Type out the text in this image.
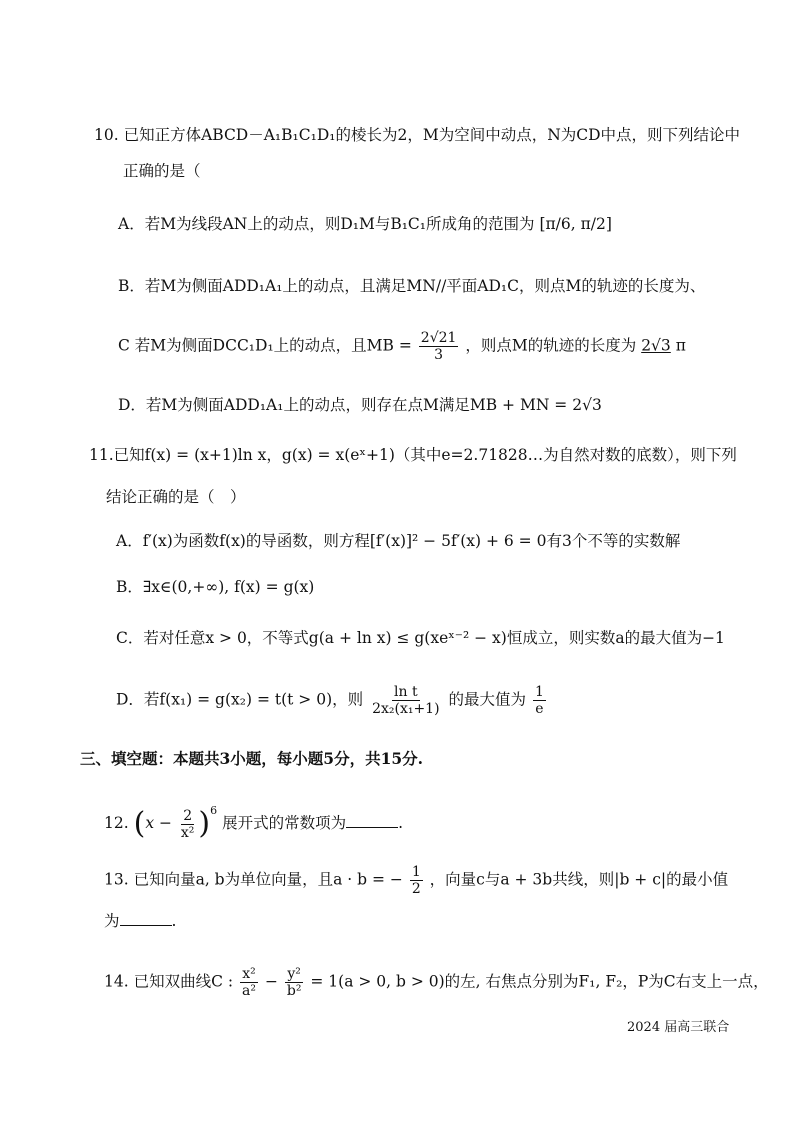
10. 已知正方体ABCD－A₁B₁C₁D₁的棱长为2，M为空间中动点，N为CD中点，则下列结论中
正确的是（
A．若M为线段AN上的动点，则D₁M与B₁C₁所成角的范围为 [π/6, π/2]
B．若M为侧面ADD₁A₁上的动点，且满足MN//平面AD₁C，则点M的轨迹的长度为、
C 若M为侧面DCC₁D₁上的动点，且MB = $\frac{2√21}{3}$ ，则点M的轨迹的长度为 2√3 π
D．若M为侧面ADD₁A₁上的动点，则存在点M满足MB + MN = 2√3
11.已知f(x) = (x+1)ln x，g(x) = x(eˣ+1)（其中e=2.71828…为自然对数的底数），则下列
结论正确的是（　）
A．f′(x)为函数f(x)的导函数，则方程[f′(x)]² − 5f′(x) + 6 = 0有3个不等的实数解
B．∃x∈(0,+∞), f(x) = g(x)
C．若对任意x > 0，不等式g(a + ln x) ≤ g(xeˣ⁻² − x)恒成立，则实数a的最大值为−1
D．若f(x₁) = g(x₂) = t(t > 0)，则 $\frac{\text{ln t}}{\text{2x₂(x₁+1)}}$ 的最大值为 $\frac{1}{e}$
三、填空题：本题共3小题，每小题5分，共15分.
12. $(x - \frac{2}{\text{x²}} )^6$ 展开式的常数项为	.
13. 已知向量a, b为单位向量，且a · b = − $\frac{1}{2}$ ，向量c与a + 3b共线，则|b + c|的最小值
为	.
14. 已知双曲线C : $\frac{\text{x²}}{\text{a²}} - \frac{\text{y²}}{\text{b²}} = 1(a > 0$, b > 0)的左, 右焦点分别为F₁, F₂，P为C右支上一点，
2024 届高三联合
